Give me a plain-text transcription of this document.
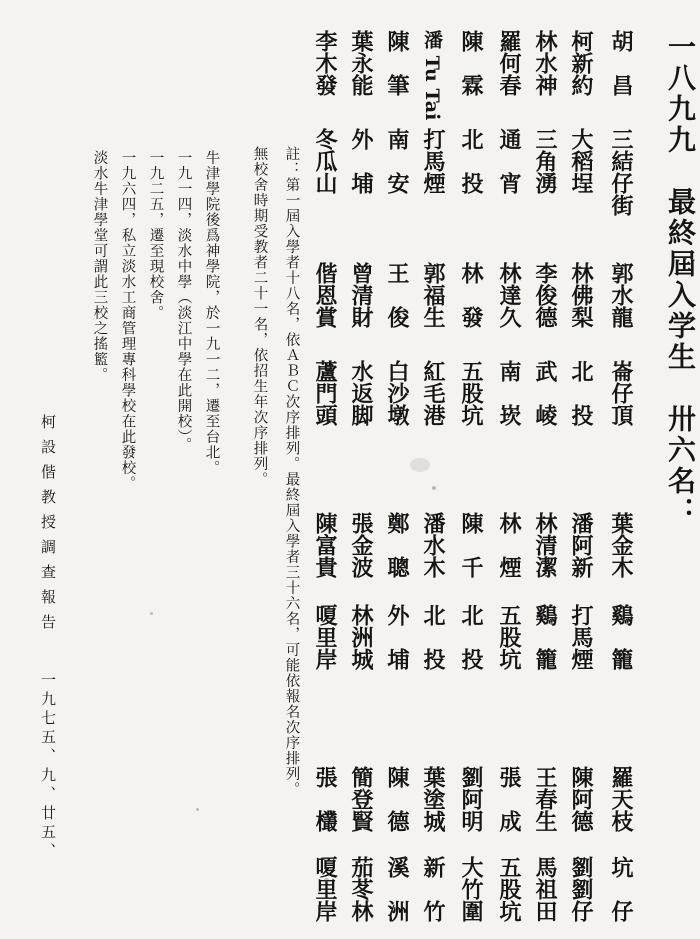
一八九九　最終屆入学生　卅六名：
胡　昌
三結仔街
柯新約
大稻埕
林水神
三角湧
羅何春
通　宵
陳　霖
北　投
潘 Tu Tai
打馬煙
陳　筆
南　安
葉永能
外　埔
李木發
冬瓜山
郭水龍
崙仔頂
林佛梨
北　投
李俊德
武　崚
林達久
南　崁
林　發
五股坑
郭福生
紅毛港
王　俊
白沙墩
曾清財
水返脚
偕恩賞
蘆門頭
葉金木
鷄　籠
潘阿新
打馬煙
林清潔
鷄　籠
林　煙
五股坑
陳　千
北　投
潘水木
北　投
鄭　聰
外　埔
張金波
林洲城
陳富貴
嗄里岸
羅天枝
坑　仔
陳阿德
劉劉仔
王春生
馬祖田
張　成
五股坑
劉阿明
大竹圍
葉塗城
新　竹
陳　德
溪　洲
簡登賢
茄苳林
張　欉
嗄里岸
註：第一屆入學者十八名，依ＡＢＣ次序排列。最終屆入學者三十六名，可能依報名次序排列。
無校舍時期受教者二十一名，依招生年次序排列。
牛津學院後爲神學院，於一九一二，遷至台北。
一九一四，淡水中學（淡江中學在此開校）。
一九二五，遷至現校舍。
一九六四，私立淡水工商管理專科學校在此發校。
淡水牛津學堂可謂此三校之搖籃。
柯設偕教授調查報告
一九七五、九、廿五、
